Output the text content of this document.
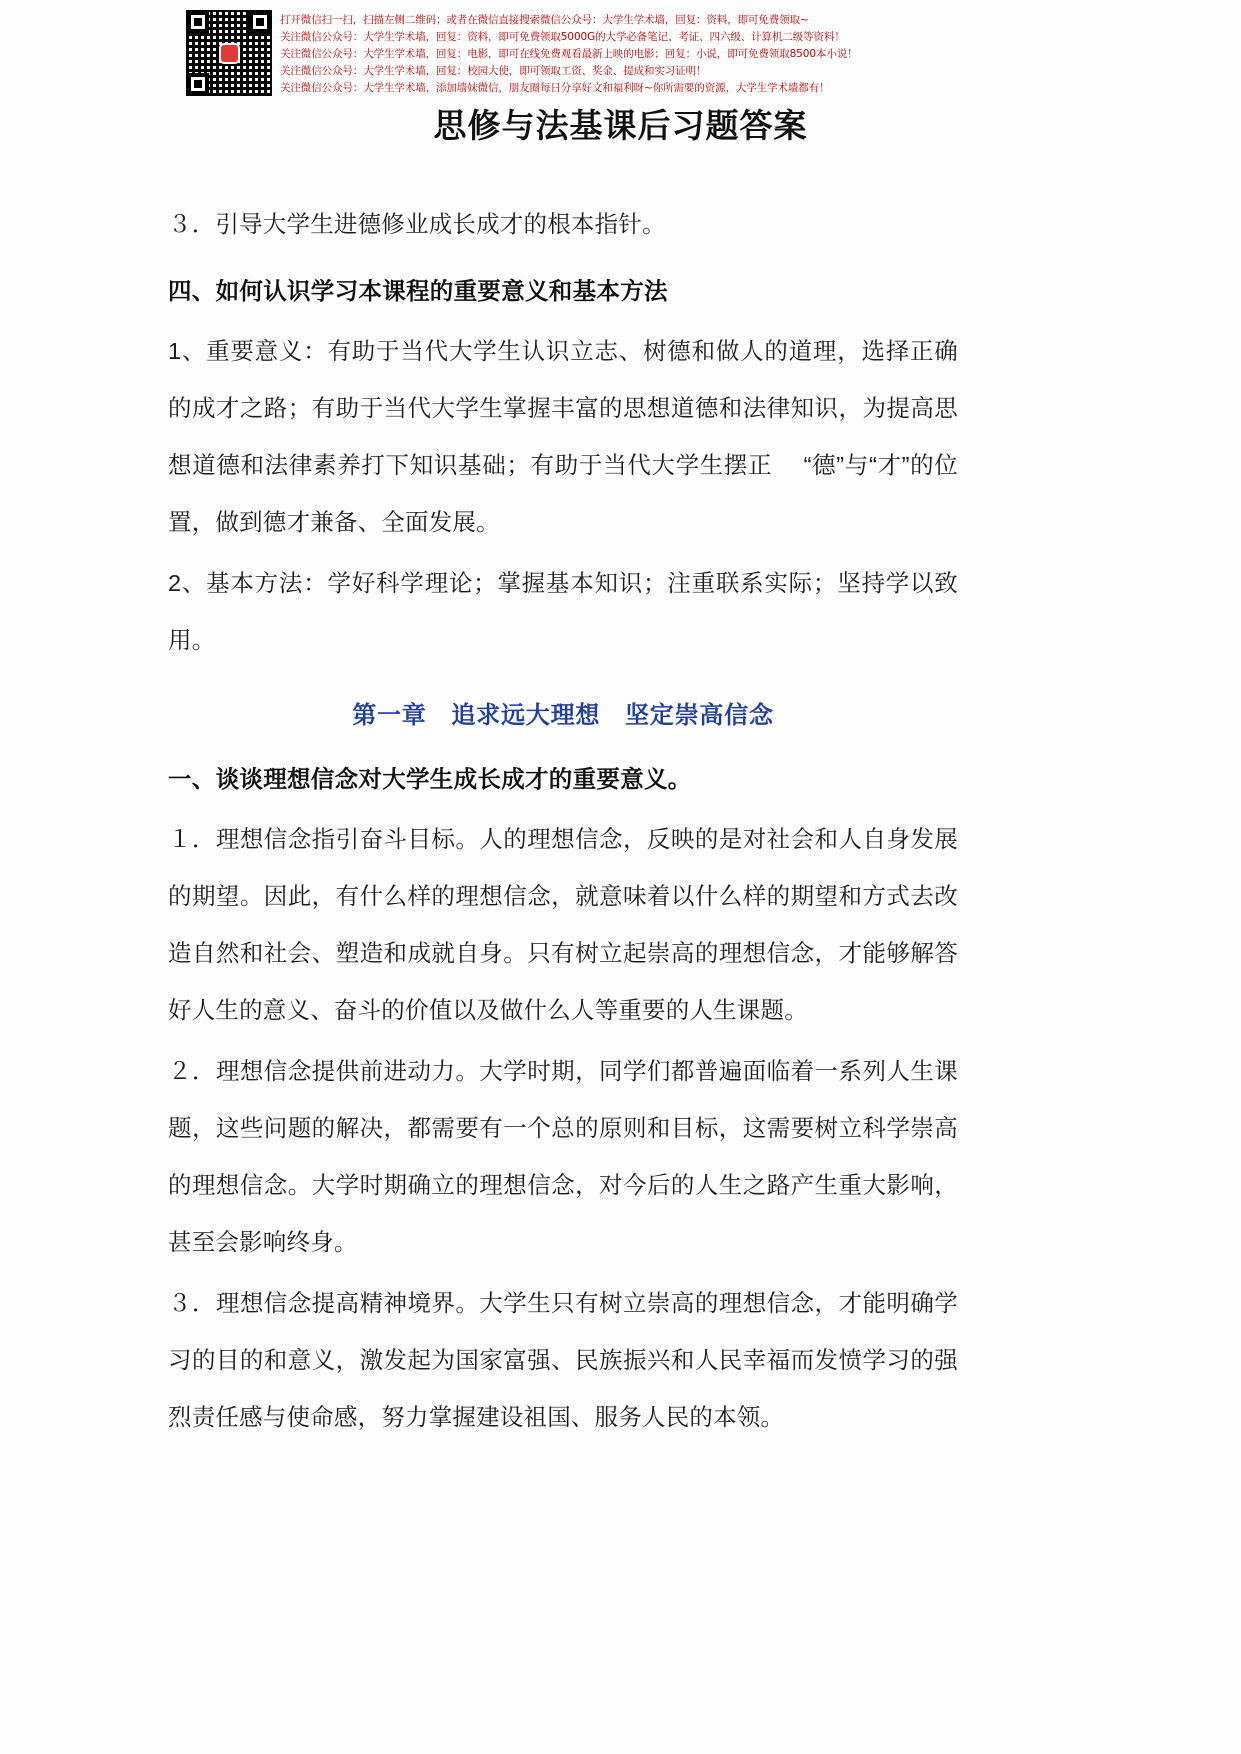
打开微信扫一扫，扫描左侧二维码；或者在微信直接搜索微信公众号：大学生学术墙，回复：资料，即可免费领取~
关注微信公众号：大学生学术墙，回复：资料，即可免费领取5000G的大学必备笔记、考证、四六级、计算机二级等资料！
关注微信公众号：大学生学术墙，回复：电影，即可在线免费观看最新上映的电影；回复：小说，即可免费领取8500本小说！
关注微信公众号：大学生学术墙，回复：校园大使，即可领取工资、奖金、提成和实习证明！
关注微信公众号：大学生学术墙，添加墙妹微信，朋友圈每日分享好文和福利呀~你所需要的资源，大学生学术墙都有！
思修与法基课后习题答案

３．引导大学生进德修业成长成才的根本指针。

四、如何认识学习本课程的重要意义和基本方法

1、重要意义：有助于当代大学生认识立志、树德和做人的道理，选择正确的成才之路；有助于当代大学生掌握丰富的思想道德和法律知识，为提高思想道德和法律素养打下知识基础；有助于当代大学生摆正 　“德”与“才”的位置，做到德才兼备、全面发展。

2、基本方法：学好科学理论；掌握基本知识；注重联系实际；坚持学以致用。

第一章　追求远大理想　坚定崇高信念
一、谈谈理想信念对大学生成长成才的重要意义。

１．理想信念指引奋斗目标。人的理想信念，反映的是对社会和人自身发展的期望。因此，有什么样的理想信念，就意味着以什么样的期望和方式去改造自然和社会、塑造和成就自身。只有树立起崇高的理想信念，才能够解答好人生的意义、奋斗的价值以及做什么人等重要的人生课题。

２．理想信念提供前进动力。大学时期，同学们都普遍面临着一系列人生课题，这些问题的解决，都需要有一个总的原则和目标，这需要树立科学崇高的理想信念。大学时期确立的理想信念，对今后的人生之路产生重大影响，甚至会影响终身。

３．理想信念提高精神境界。大学生只有树立崇高的理想信念，才能明确学习的目的和意义，激发起为国家富强、民族振兴和人民幸福而发愤学习的强烈责任感与使命感，努力掌握建设祖国、服务人民的本领。
